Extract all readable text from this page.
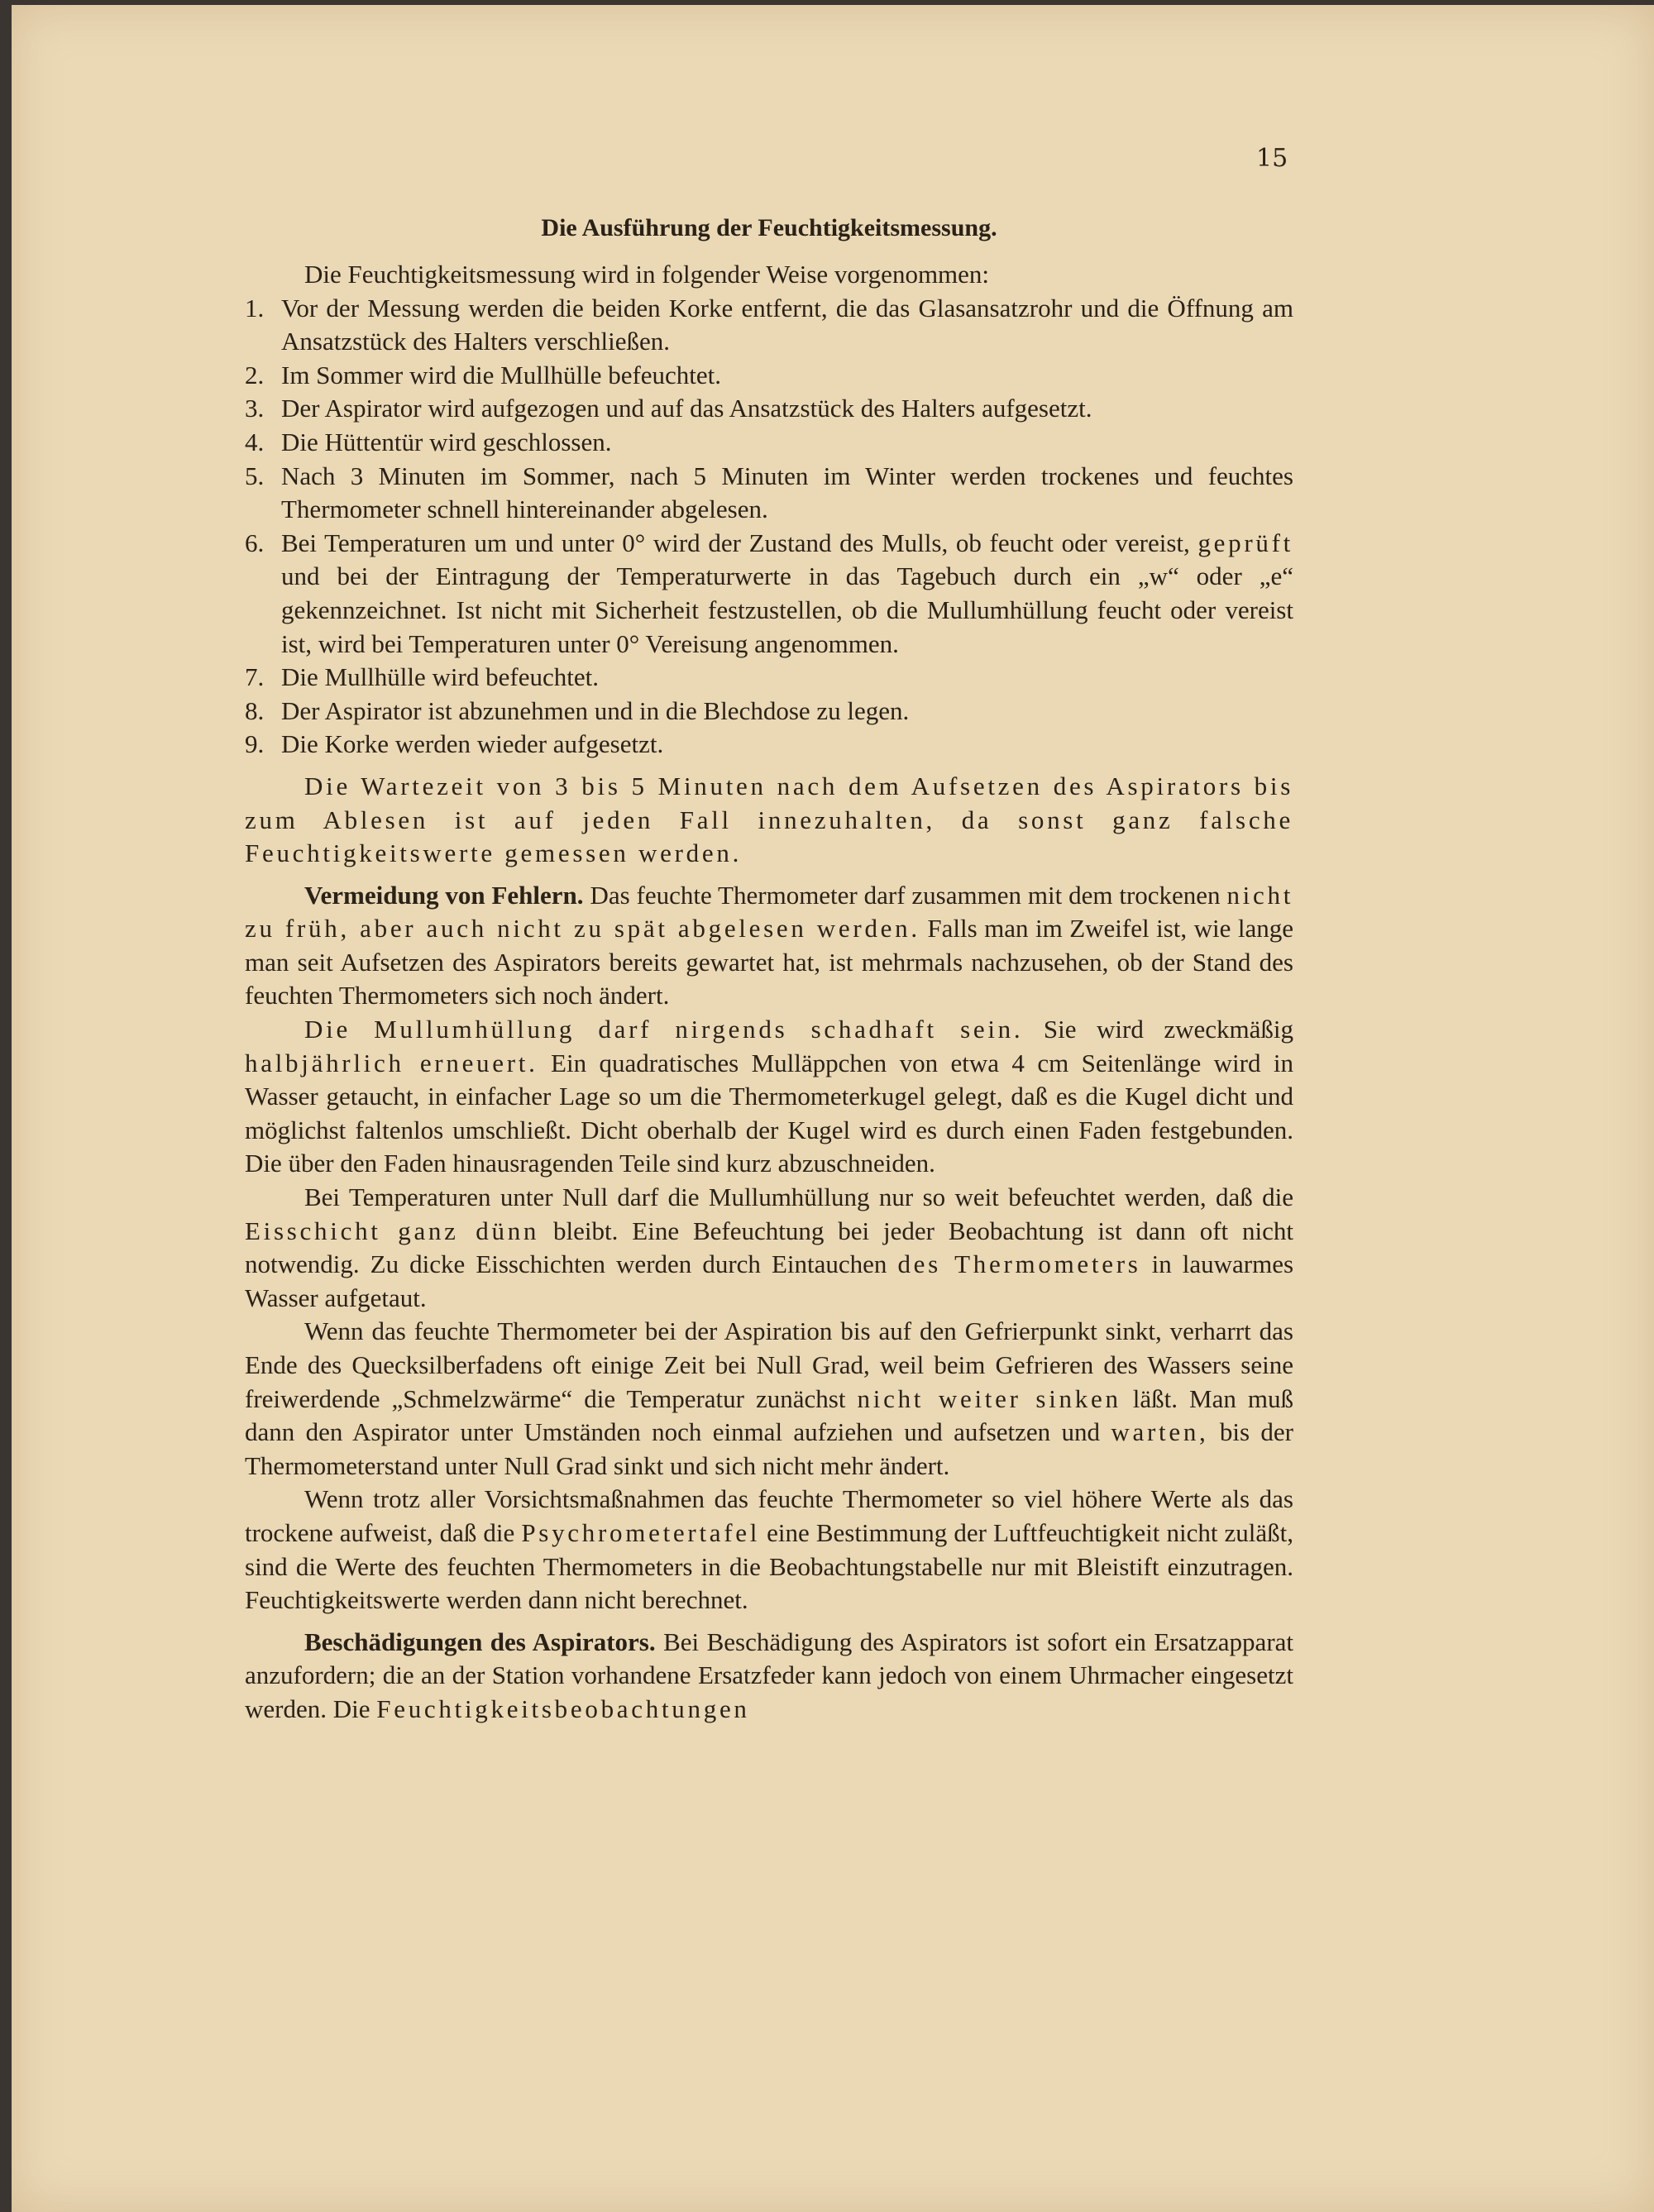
15
Die Ausführung der Feuchtigkeitsmessung.

Die Feuchtigkeitsmessung wird in folgender Weise vorgenommen:

1. Vor der Messung werden die beiden Korke entfernt, die das Glasansatzrohr und die Öffnung am Ansatzstück des Halters verschließen.
2. Im Sommer wird die Mullhülle befeuchtet.
3. Der Aspirator wird aufgezogen und auf das Ansatzstück des Halters aufgesetzt.
4. Die Hüttentür wird geschlossen.
5. Nach 3 Minuten im Sommer, nach 5 Minuten im Winter werden trockenes und feuchtes Thermometer schnell hintereinander abgelesen.
6. Bei Temperaturen um und unter 0° wird der Zustand des Mulls, ob feucht oder vereist, geprüft und bei der Eintragung der Temperaturwerte in das Tagebuch durch ein „w“ oder „e“ gekennzeichnet. Ist nicht mit Sicherheit festzustellen, ob die Mullumhüllung feucht oder vereist ist, wird bei Temperaturen unter 0° Vereisung angenommen.
7. Die Mullhülle wird befeuchtet.
8. Der Aspirator ist abzunehmen und in die Blechdose zu legen.
9. Die Korke werden wieder aufgesetzt.

Die Wartezeit von 3 bis 5 Minuten nach dem Aufsetzen des Aspirators bis zum Ablesen ist auf jeden Fall innezuhalten, da sonst ganz falsche Feuchtigkeitswerte gemessen werden.

Vermeidung von Fehlern. Das feuchte Thermometer darf zusammen mit dem trockenen nicht zu früh, aber auch nicht zu spät abgelesen werden. Falls man im Zweifel ist, wie lange man seit Aufsetzen des Aspirators bereits gewartet hat, ist mehrmals nachzusehen, ob der Stand des feuchten Thermometers sich noch ändert.

Die Mullumhüllung darf nirgends schadhaft sein. Sie wird zweckmäßig halbjährlich erneuert. Ein quadratisches Mulläppchen von etwa 4 cm Seitenlänge wird in Wasser getaucht, in einfacher Lage so um die Thermometerkugel gelegt, daß es die Kugel dicht und möglichst faltenlos umschließt. Dicht oberhalb der Kugel wird es durch einen Faden festgebunden. Die über den Faden hinausragenden Teile sind kurz abzuschneiden.

Bei Temperaturen unter Null darf die Mullumhüllung nur so weit befeuchtet werden, daß die Eisschicht ganz dünn bleibt. Eine Befeuchtung bei jeder Beobachtung ist dann oft nicht notwendig. Zu dicke Eisschichten werden durch Eintauchen des Thermometers in lauwarmes Wasser aufgetaut.

Wenn das feuchte Thermometer bei der Aspiration bis auf den Gefrierpunkt sinkt, verharrt das Ende des Quecksilberfadens oft einige Zeit bei Null Grad, weil beim Gefrieren des Wassers seine freiwerdende „Schmelzwärme“ die Temperatur zunächst nicht weiter sinken läßt. Man muß dann den Aspirator unter Umständen noch einmal aufziehen und aufsetzen und warten, bis der Thermometerstand unter Null Grad sinkt und sich nicht mehr ändert.

Wenn trotz aller Vorsichtsmaßnahmen das feuchte Thermometer so viel höhere Werte als das trockene aufweist, daß die Psychrometertafel eine Bestimmung der Luftfeuchtigkeit nicht zuläßt, sind die Werte des feuchten Thermometers in die Beobachtungstabelle nur mit Bleistift einzutragen. Feuchtigkeitswerte werden dann nicht berechnet.

Beschädigungen des Aspirators. Bei Beschädigung des Aspirators ist sofort ein Ersatzapparat anzufordern; die an der Station vorhandene Ersatzfeder kann jedoch von einem Uhrmacher eingesetzt werden. Die Feuchtigkeitsbeobachtungen
